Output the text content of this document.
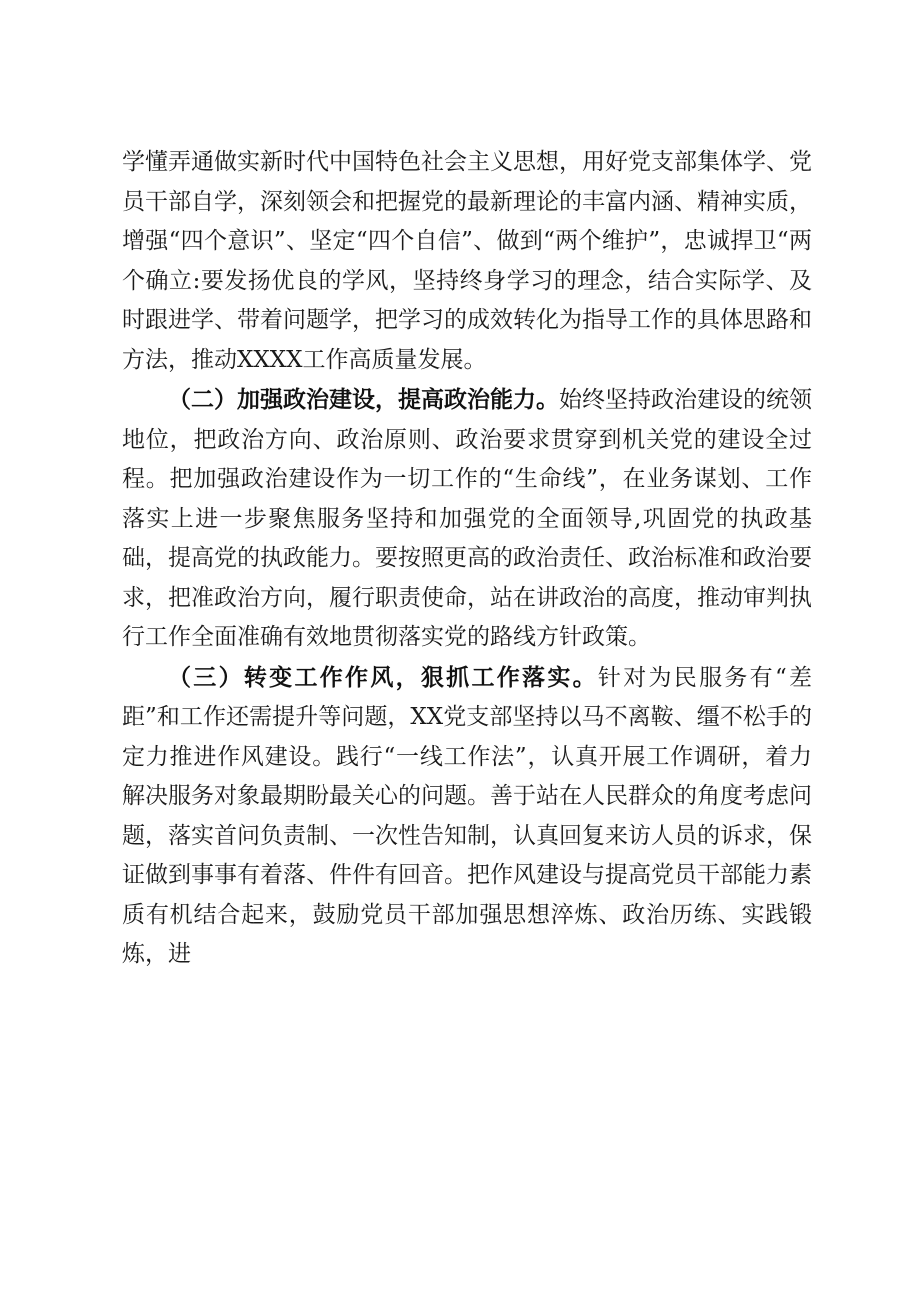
学懂弄通做实新时代中国特色社会主义思想，用好党支部集体学、党员干部自学，深刻领会和把握党的最新理论的丰富内涵、精神实质，增强“四个意识”、坚定“四个自信”、做到“两个维护”，忠诚捍卫“两个确立:要发扬优良的学风，坚持终身学习的理念，结合实际学、及时跟进学、带着问题学，把学习的成效转化为指导工作的具体思路和方法，推动XXXX工作高质量发展。

（二）加强政治建设，提高政治能力。始终坚持政治建设的统领地位，把政治方向、政治原则、政治要求贯穿到机关党的建设全过程。把加强政治建设作为一切工作的“生命线”，在业务谋划、工作落实上进一步聚焦服务坚持和加强党的全面领导,巩固党的执政基础，提高党的执政能力。要按照更高的政治责任、政治标准和政治要求，把准政治方向，履行职责使命，站在讲政治的高度，推动审判执行工作全面准确有效地贯彻落实党的路线方针政策。

（三）转变工作作风，狠抓工作落实。针对为民服务有“差距”和工作还需提升等问题，XX党支部坚持以马不离鞍、缰不松手的定力推进作风建设。践行“一线工作法”，认真开展工作调研，着力解决服务对象最期盼最关心的问题。善于站在人民群众的角度考虑问题，落实首问负责制、一次性告知制，认真回复来访人员的诉求，保证做到事事有着落、件件有回音。把作风建设与提高党员干部能力素质有机结合起来，鼓励党员干部加强思想淬炼、政治历练、实践锻炼，进
